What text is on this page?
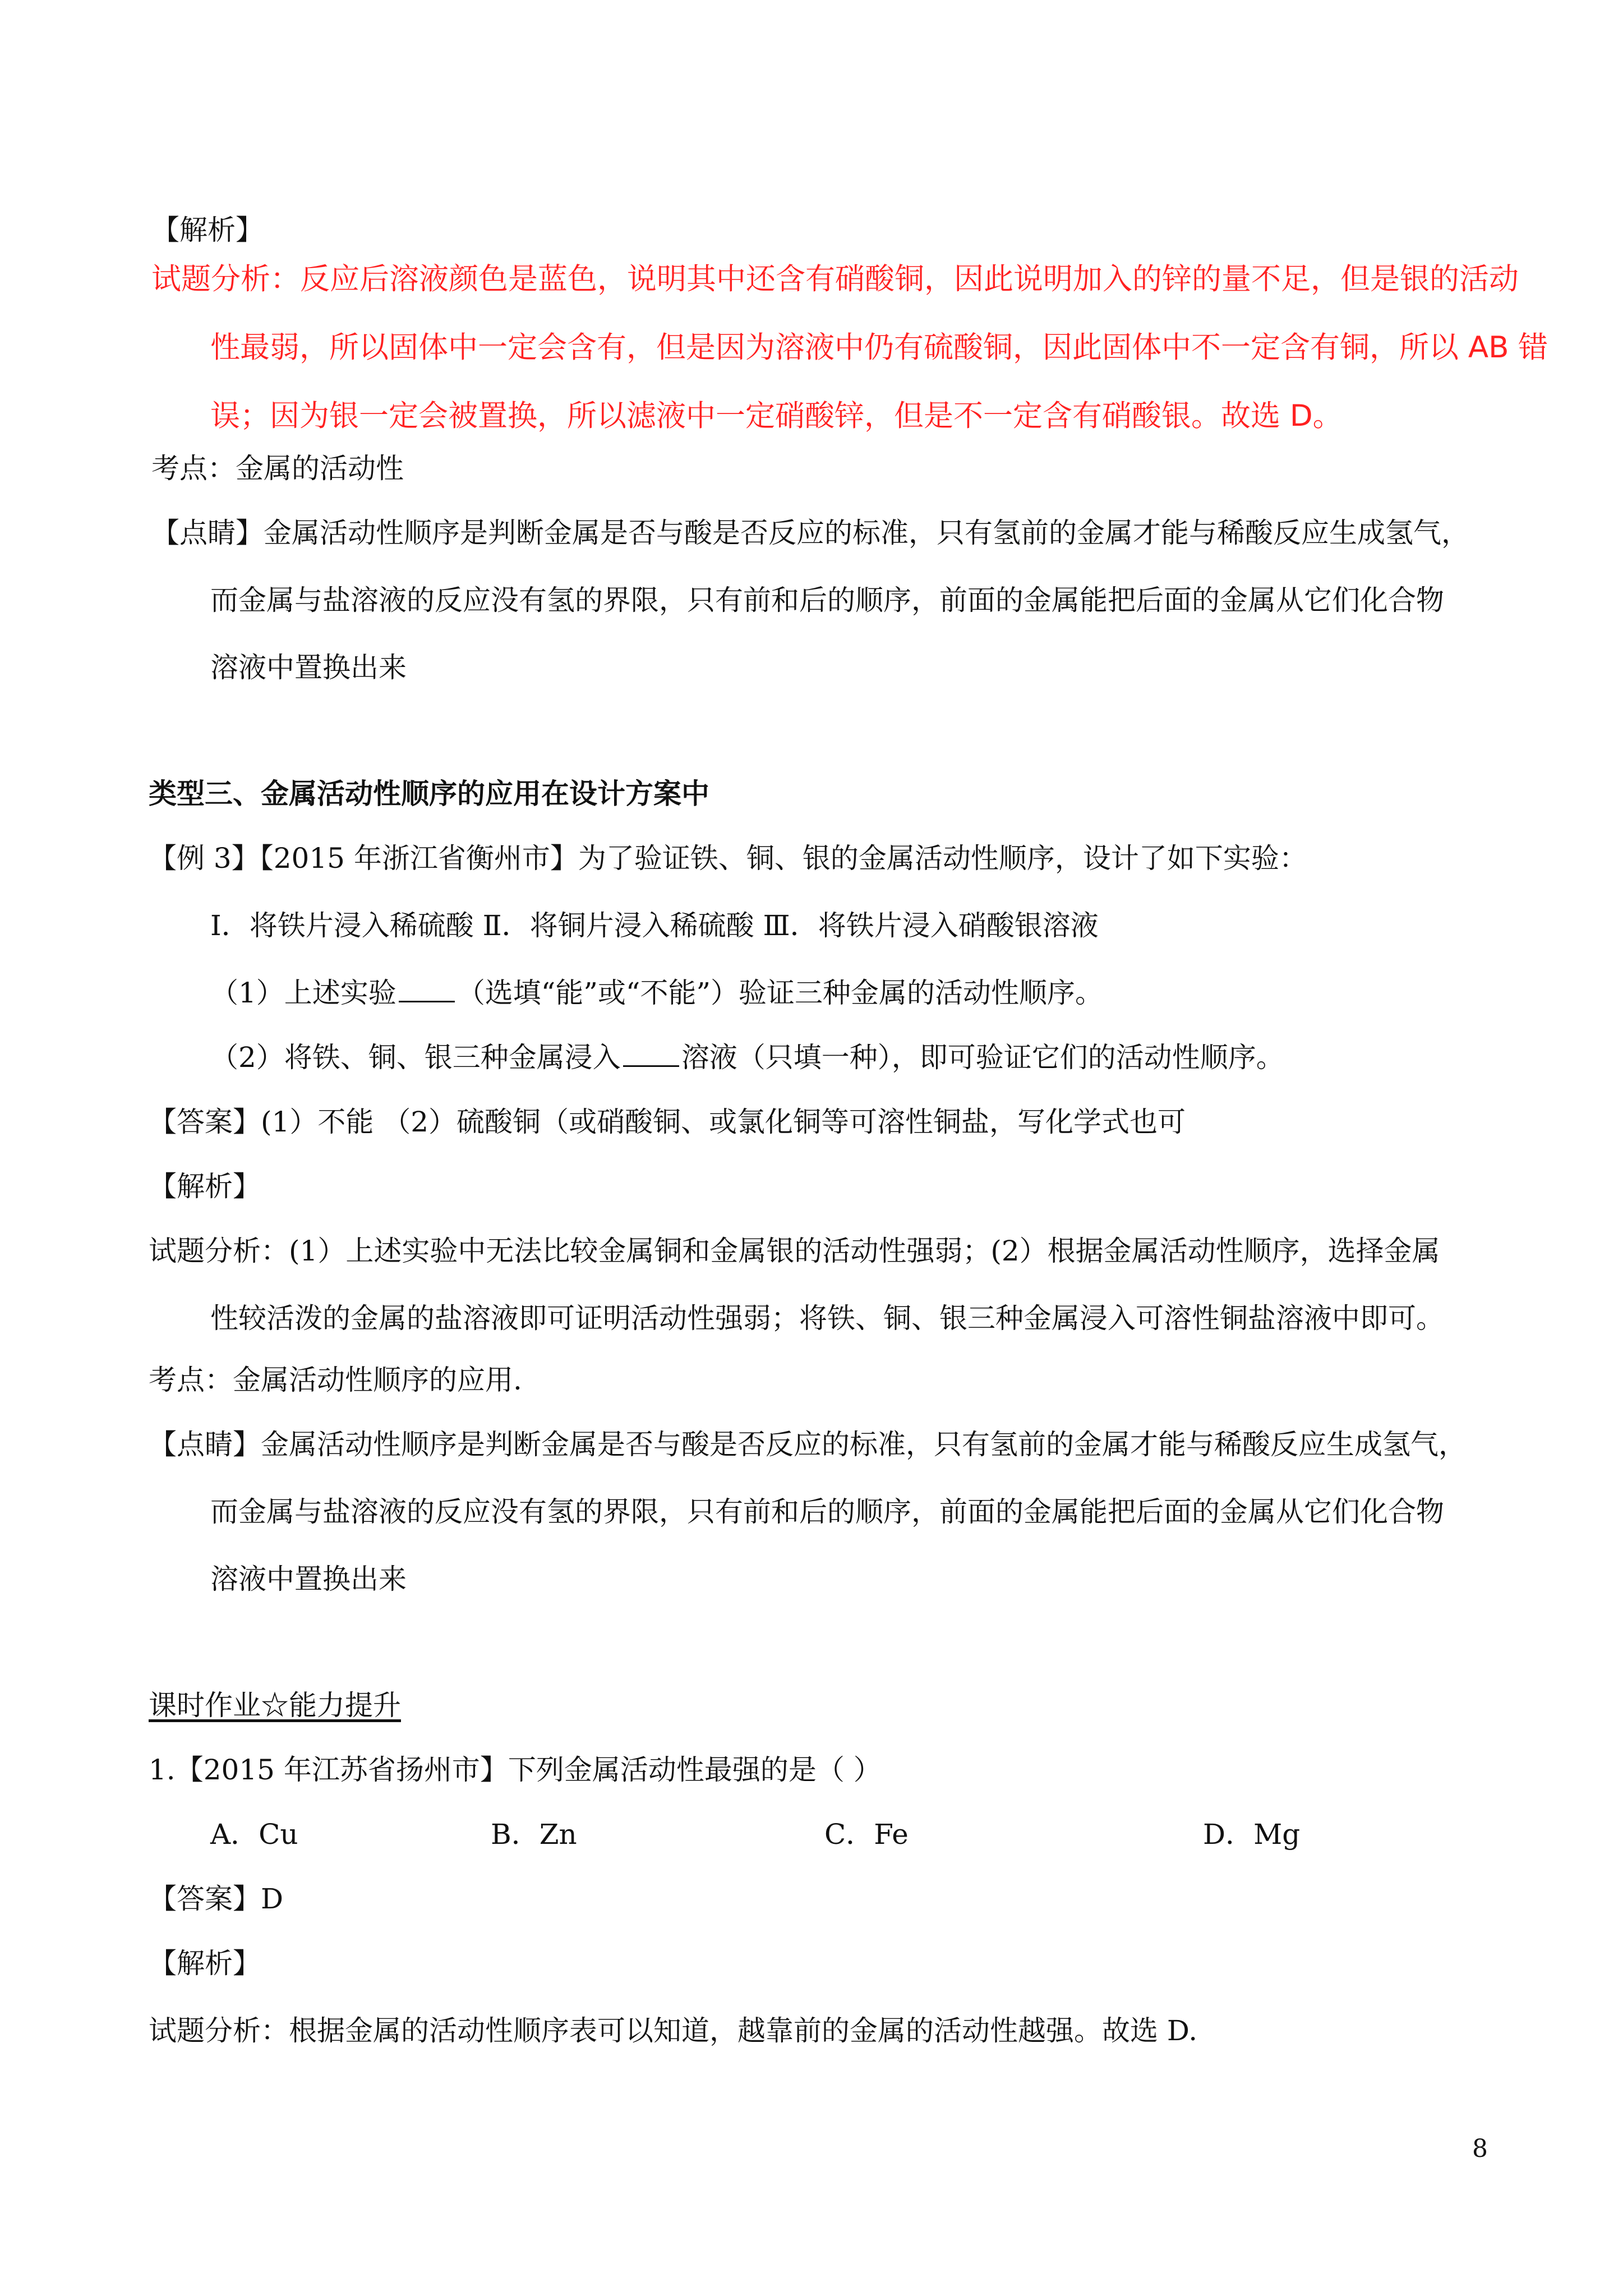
【解析】
试题分析：反应后溶液颜色是蓝色，说明其中还含有硝酸铜，因此说明加入的锌的量不足，但是银的活动
性最弱，所以固体中一定会含有，但是因为溶液中仍有硫酸铜，因此固体中不一定含有铜，所以 AB 错
误；因为银一定会被置换，所以滤液中一定硝酸锌，但是不一定含有硝酸银。故选 D。
考点：金属的活动性
【点睛】金属活动性顺序是判断金属是否与酸是否反应的标准，只有氢前的金属才能与稀酸反应生成氢气，
而金属与盐溶液的反应没有氢的界限，只有前和后的顺序，前面的金属能把后面的金属从它们化合物
溶液中置换出来
类型三、金属活动性顺序的应用在设计方案中
【例 3】【2015 年浙江省衡州市】为了验证铁、铜、银的金属活动性顺序，设计了如下实验：
Ⅰ．将铁片浸入稀硫酸 Ⅱ．将铜片浸入稀硫酸 Ⅲ．将铁片浸入硝酸银溶液
（1）上述实验 （选填“能”或“不能”）验证三种金属的活动性顺序。
（2）将铁、铜、银三种金属浸入 溶液（只填一种），即可验证它们的活动性顺序。
【答案】(1）不能 （2）硫酸铜（或硝酸铜、或氯化铜等可溶性铜盐，写化学式也可
【解析】
试题分析：(1）上述实验中无法比较金属铜和金属银的活动性强弱；(2）根据金属活动性顺序，选择金属
性较活泼的金属的盐溶液即可证明活动性强弱；将铁、铜、银三种金属浸入可溶性铜盐溶液中即可。
考点：金属活动性顺序的应用.
【点睛】金属活动性顺序是判断金属是否与酸是否反应的标准，只有氢前的金属才能与稀酸反应生成氢气，
而金属与盐溶液的反应没有氢的界限，只有前和后的顺序，前面的金属能把后面的金属从它们化合物
溶液中置换出来
课时作业☆能力提升
1.【2015 年江苏省扬州市】下列金属活动性最强的是（ ）
A．Cu	B．Zn	C．Fe	D．Mg
【答案】D
【解析】
试题分析：根据金属的活动性顺序表可以知道，越靠前的金属的活动性越强。故选 D.
8
